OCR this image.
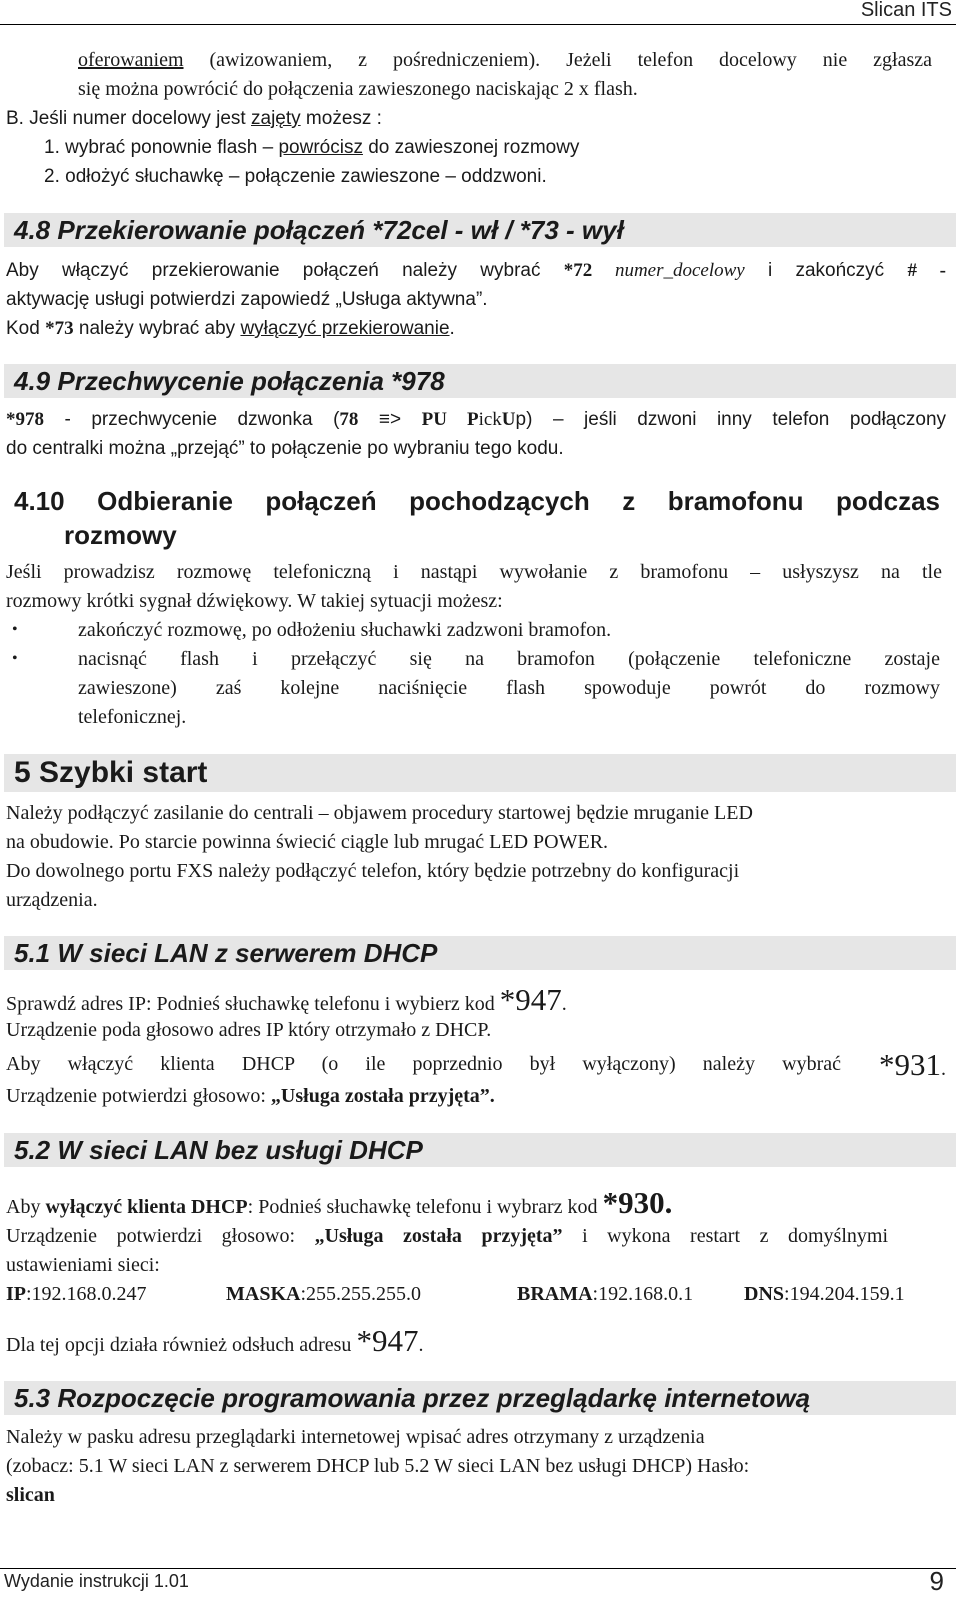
Slican ITS
oferowaniem (awizowaniem, z pośredniczeniem). Jeżeli telefon docelowy nie zgłasza
się można powrócić do połączenia zawieszonego naciskając 2 x flash.
B. Jeśli numer docelowy jest zajęty możesz :
1. wybrać ponownie flash – powrócisz do zawieszonej rozmowy
2. odłożyć słuchawkę – połączenie zawieszone – oddzwoni.
4.8 Przekierowanie połączeń *72cel - wł / *73 - wył
Aby włączyć przekierowanie połączeń należy wybrać *72 numer_docelowy i zakończyć # -
aktywację usługi potwierdzi zapowiedź „Usługa aktywna”.
Kod *73 należy wybrać aby wyłączyć przekierowanie.
4.9 Przechwycenie połączenia *978
*978 - przechwycenie dzwonka (78 ≡> PU PickUp) – jeśli dzwoni inny telefon podłączony
do centralki można „przejąć” to połączenie po wybraniu tego kodu.
4.10 Odbieranie połączeń pochodzących z bramofonu podczas
rozmowy
Jeśli prowadzisz rozmowę telefoniczną i nastąpi wywołanie z bramofonu – usłyszysz na tle
rozmowy krótki sygnał dźwiękowy. W takiej sytuacji możesz:
•	zakończyć rozmowę, po odłożeniu słuchawki zadzwoni bramofon.
•	nacisnąć flash i przełączyć się na bramofon (połączenie telefoniczne zostaje
zawieszone) zaś kolejne naciśnięcie flash spowoduje powrót do rozmowy
telefonicznej.
5 Szybki start
Należy podłączyć zasilanie do centrali – objawem procedury startowej będzie mruganie LED
na obudowie. Po starcie powinna świecić ciągle lub mrugać LED POWER.
Do dowolnego portu FXS należy podłączyć telefon, który będzie potrzebny do konfiguracji
urządzenia.
5.1 W sieci LAN z serwerem DHCP
Sprawdź adres IP: Podnieś słuchawkę telefonu i wybierz kod *947.
Urządzenie poda głosowo adres IP który otrzymało z DHCP.
Aby włączyć klienta DHCP (o ile poprzednio był wyłączony) należy wybrać	*931.
Urządzenie potwierdzi głosowo: „Usługa została przyjęta”.
5.2 W sieci LAN bez usługi DHCP
Aby wyłączyć klienta DHCP: Podnieś słuchawkę telefonu i wybrarz kod *930.
Urządzenie potwierdzi głosowo: „Usługa została przyjęta” i wykona restart z domyślnymi
ustawieniami sieci:
IP:192.168.0.247	MASKA:255.255.255.0	BRAMA:192.168.0.1	DNS:194.204.159.1
Dla tej opcji działa również odsłuch adresu *947.
5.3 Rozpoczęcie programowania przez przeglądarkę internetową
Należy w pasku adresu przeglądarki internetowej wpisać adres otrzymany z urządzenia
(zobacz: 5.1 W sieci LAN z serwerem DHCP lub 5.2 W sieci LAN bez usługi DHCP) Hasło:
slican
Wydanie instrukcji 1.01	9
